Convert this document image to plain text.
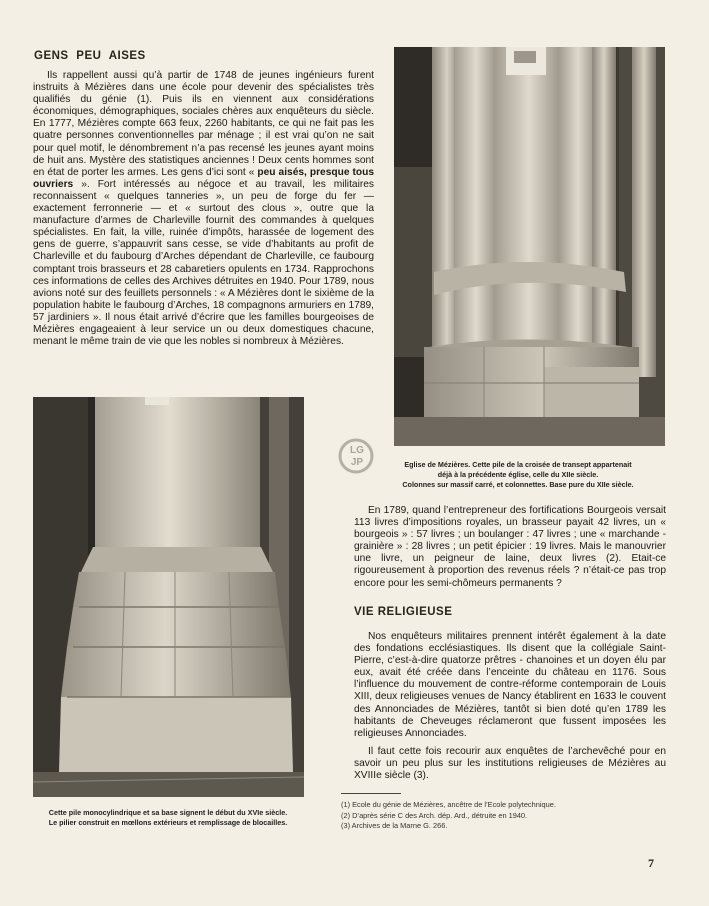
GENS PEU AISES

Ils rappellent aussi qu’à partir de 1748 de jeunes ingénieurs furent instruits à Mézières dans une école pour devenir des spécialistes très qualifiés du génie (1). Puis ils en viennent aux considérations économiques, démographiques, sociales chères aux enquêteurs du siècle. En 1777, Mézières compte 663 feux, 2260 habitants, ce qui ne fait pas les quatre personnes conventionnelles par ménage ; il est vrai qu’on ne sait pour quel motif, le dénombrement n’a pas recensé les jeunes ayant moins de huit ans. Mystère des statistiques anciennes ! Deux cents hommes sont en état de porter les armes. Les gens d’ici sont « peu aisés, presque tous ouvriers ». Fort intéressés au négoce et au travail, les militaires reconnaissent « quelques tanneries », un peu de forge du fer — exactement ferronnerie — et « surtout des clous », outre que la manufacture d’armes de Charleville fournit des commandes à quelques spécialistes. En fait, la ville, ruinée d’impôts, harassée de logement des gens de guerre, s’appauvrit sans cesse, se vide d’habitants au profit de Charleville et du faubourg d’Arches dépendant de Charleville, ce faubourg comptant trois brasseurs et 28 cabaretiers opulents en 1734. Rapprochons ces informations de celles des Archives détruites en 1940. Pour 1789, nous avions noté sur des feuillets personnels : « A Mézières dont le sixième de la population habite le faubourg d’Arches, 18 compagnons armuriers en 1789, 57 jardiniers ». Il nous était arrivé d’écrire que les familles bourgeoises de Mézières engageaient à leur service un ou deux domestiques chacune, menant le même train de vie que les nobles si nombreux à Mézières.

LG
JP	Eglise de Mézières. Cette pile de la croisée de transept appartenait
déjà à la précédente église, celle du XIIe siècle.
Colonnes sur massif carré, et colonnettes. Base pure du XIIe siècle.

En 1789, quand l’entrepreneur des fortifications Bourgeois versait 113 livres d’impositions royales, un brasseur payait 42 livres, un « bourgeois » : 57 livres ; un boulanger : 47 livres ; une « marchande - grainière » : 28 livres ; un petit épicier : 19 livres. Mais le manouvrier une livre, un peigneur de laine, deux livres (2). Etait-ce rigoureusement à proportion des revenus réels ? n’était-ce pas trop encore pour les semi-chômeurs permanents ?

VIE RELIGIEUSE

Nos enquêteurs militaires prennent intérêt également à la date des fondations ecclésiastiques. Ils disent que la collégiale Saint-Pierre, c’est-à-dire quatorze prêtres - chanoines et un doyen élu par eux, avait été créée dans l’enceinte du château en 1176. Sous l’influence du mouvement de contre-réforme contemporain de Louis XIII, deux religieuses venues de Nancy établirent en 1633 le couvent des Annonciades de Mézières, tantôt si bien doté qu’en 1789 les habitants de Cheveuges réclameront que fussent imposées les religieuses Annonciades.

Il faut cette fois recourir aux enquêtes de l’archevêché pour en savoir un peu plus sur les institutions religieuses de Mézières au XVIIIe siècle (3).

Cette pile monocylindrique et sa base signent le début du XVIe siècle.
Le pilier construit en mœllons extérieurs et remplissage de blocailles.
(1) Ecole du génie de Mézières, ancêtre de l’Ecole polytechnique.
(2) D’après série C des Arch. dép. Ard., détruite en 1940.
(3) Archives de la Marne G. 266.
7
